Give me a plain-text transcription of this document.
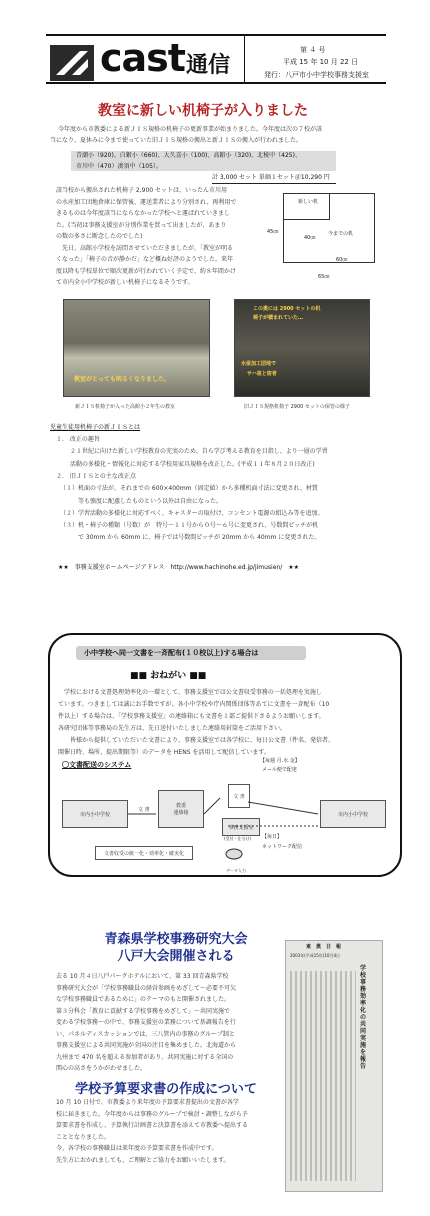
cast 通信
第 ４ 号
平成 15 年 10 月 22 日
発行：八戸市小中学校事務支援室
教室に新しい机椅子が入りました
今年度から市教委による新ＪＩＳ規格の机椅子の更新事業が始まりました。今年度は次の７校が該
当になり、夏休みに今まで使っていた旧ＪＩＳ規格の搬出と新ＪＩＳの搬入が行われました。
青潮小（920)、白銀小（660)、大久喜小（100)、高館小（320)、北稜中（425)、
市川中（470）湊須中（105）。
計 3,000 セット 単価１セット＠10,290 円
該当校から搬出された机椅子 2,900 セットは、いったん市川用
の水産加工団地倉庫に保管後、運送業者により分別され、再利用で
きるものは今年度該当にならなかった学校へと運ばれていきまし
た。(当初は事務支援室が分別作業を買って出ましたが、あまり
の数の多さに断念したのでした)
　先日、高館小学校を訪問させていただきましたが、「教室が明る
くなった」「椅子の音が静かだ」など概ね好評のようでした。来年
度以降も学校単位で順次更新が行われていく予定で、約８年間かけ
て市内全小中学校が新しい机椅子になるそうです。
新しい机
今までの机
40㎝
60㎝
45㎝
65㎝
教室がとっても明るくなりました。
この奥には 2900 セットの机
椅子が積まれていた…
水産加工団地で
サハ祖と宿者
新ＪＩＳ机椅子が入った高館小２年生の教室	旧ＪＩＳ規格机椅子 2900 セットの保管の様子
児童生徒用机椅子の新ＪＩＳとは
１.　改正の趣旨
２１世紀に向けた新しい学校教育の充実のため、自ら学び考える教育を目指し、より一層の学習
活動の多様化・情報化に対応する学校用家具規格を改正した。(平成１１年８月２０日改正)
２.　旧ＪＩＳとの主な改正点
（１）机面の寸法が、それまでの 600×400mm（固定値）から多種机面寸法に変更され、材質
　　　等も強度に配慮したものという以外は自由になった。
（２）学習活動の多様化に対応すべく、キャスターの取付け、コンセント電源の組込み等を追加。
（３）机・椅子の種類（号数）が　特号～１１号から０号～６号に変更され、号数間ピッチが机
　　　で 30mm から 60mm に、椅子では号数間ピッチが 20mm から 40mm に変更された。
★★　事務支援室ホームページアドレス　http://www.hachinohe.ed.jp/jimusien/　★★
小中学校へ同一文書を一斉配布(１０校以上)する場合は
■■ おねがい ■■
学校における文書処理効率化の一環として、事務支援室では公文書収受事務の一括処理を実施し
ています。つきましては誠にお手数ですが、各小中学校や庁内関係団体等あてに文書を一斉配布（10
件以上）する場合は、「学校事務支援室」の連絡箱にも文書を１部ご提供下さるようお願いします。
各研究団体等事務局の先生方は、先日送付いたしました連絡用封筒をご活用下さい。
　皆様から提供していただいた文書により、事務支援室では各学校に、毎日公文書（件名、発信者、
開催日時、場所、提出期限等）のデータを HENS を活用して配信しています。
〇文書配送のシステム	【毎週 月.水.金】
メール便で配達
市内小中学校
教委
連絡箱
文 書
文 書
事務支援室
(受付・仕分け) 【毎日】
ネットワーク配信
市内小中学校
データ入力
文書収受の統一化・効率化・確実化
青森県学校事務研究大会
八戸大会開催される
去る 10 月４日八戸パークホテルにおいて、第 33 回青森県学校
事務研究大会が「学校事務職員の経営参画をめざして～必要不可欠
な学校事務職員であるために」のテーマのもと開催されました。
第３分科会「教育に貢献する学校事務をめざして」～共同実施で
変わる学校事務～の中で、事務支援室の業務について基調報告を行
い、パネルディスカッションでは、三八管内の事務のグループ制と
事務支援室による共同実施が全国の注目を集めました。北海道から
九州まで 470 名を超える参加者があり、共同実施に対する全国の
関心の高さをうかがわせました。
学校予算要求書の作成について
10 月 10 日付で、市教委より来年度の予算要求書提出の文書が各学
校に届きました。今年度からは事務のグループで検討・調整しながら予
算要求書を作成し、予算執行計画書と決算書を添えて市教委へ提出する
こととなりました。
今、各学校の事務職員は来年度の予算要求書を作成中です。
先生方におかれましても、ご理解とご協力をお願いいたします。
東　奥　日　報
2003年(平成15年)10月4日
学校事務効率化の共同実施を報告
